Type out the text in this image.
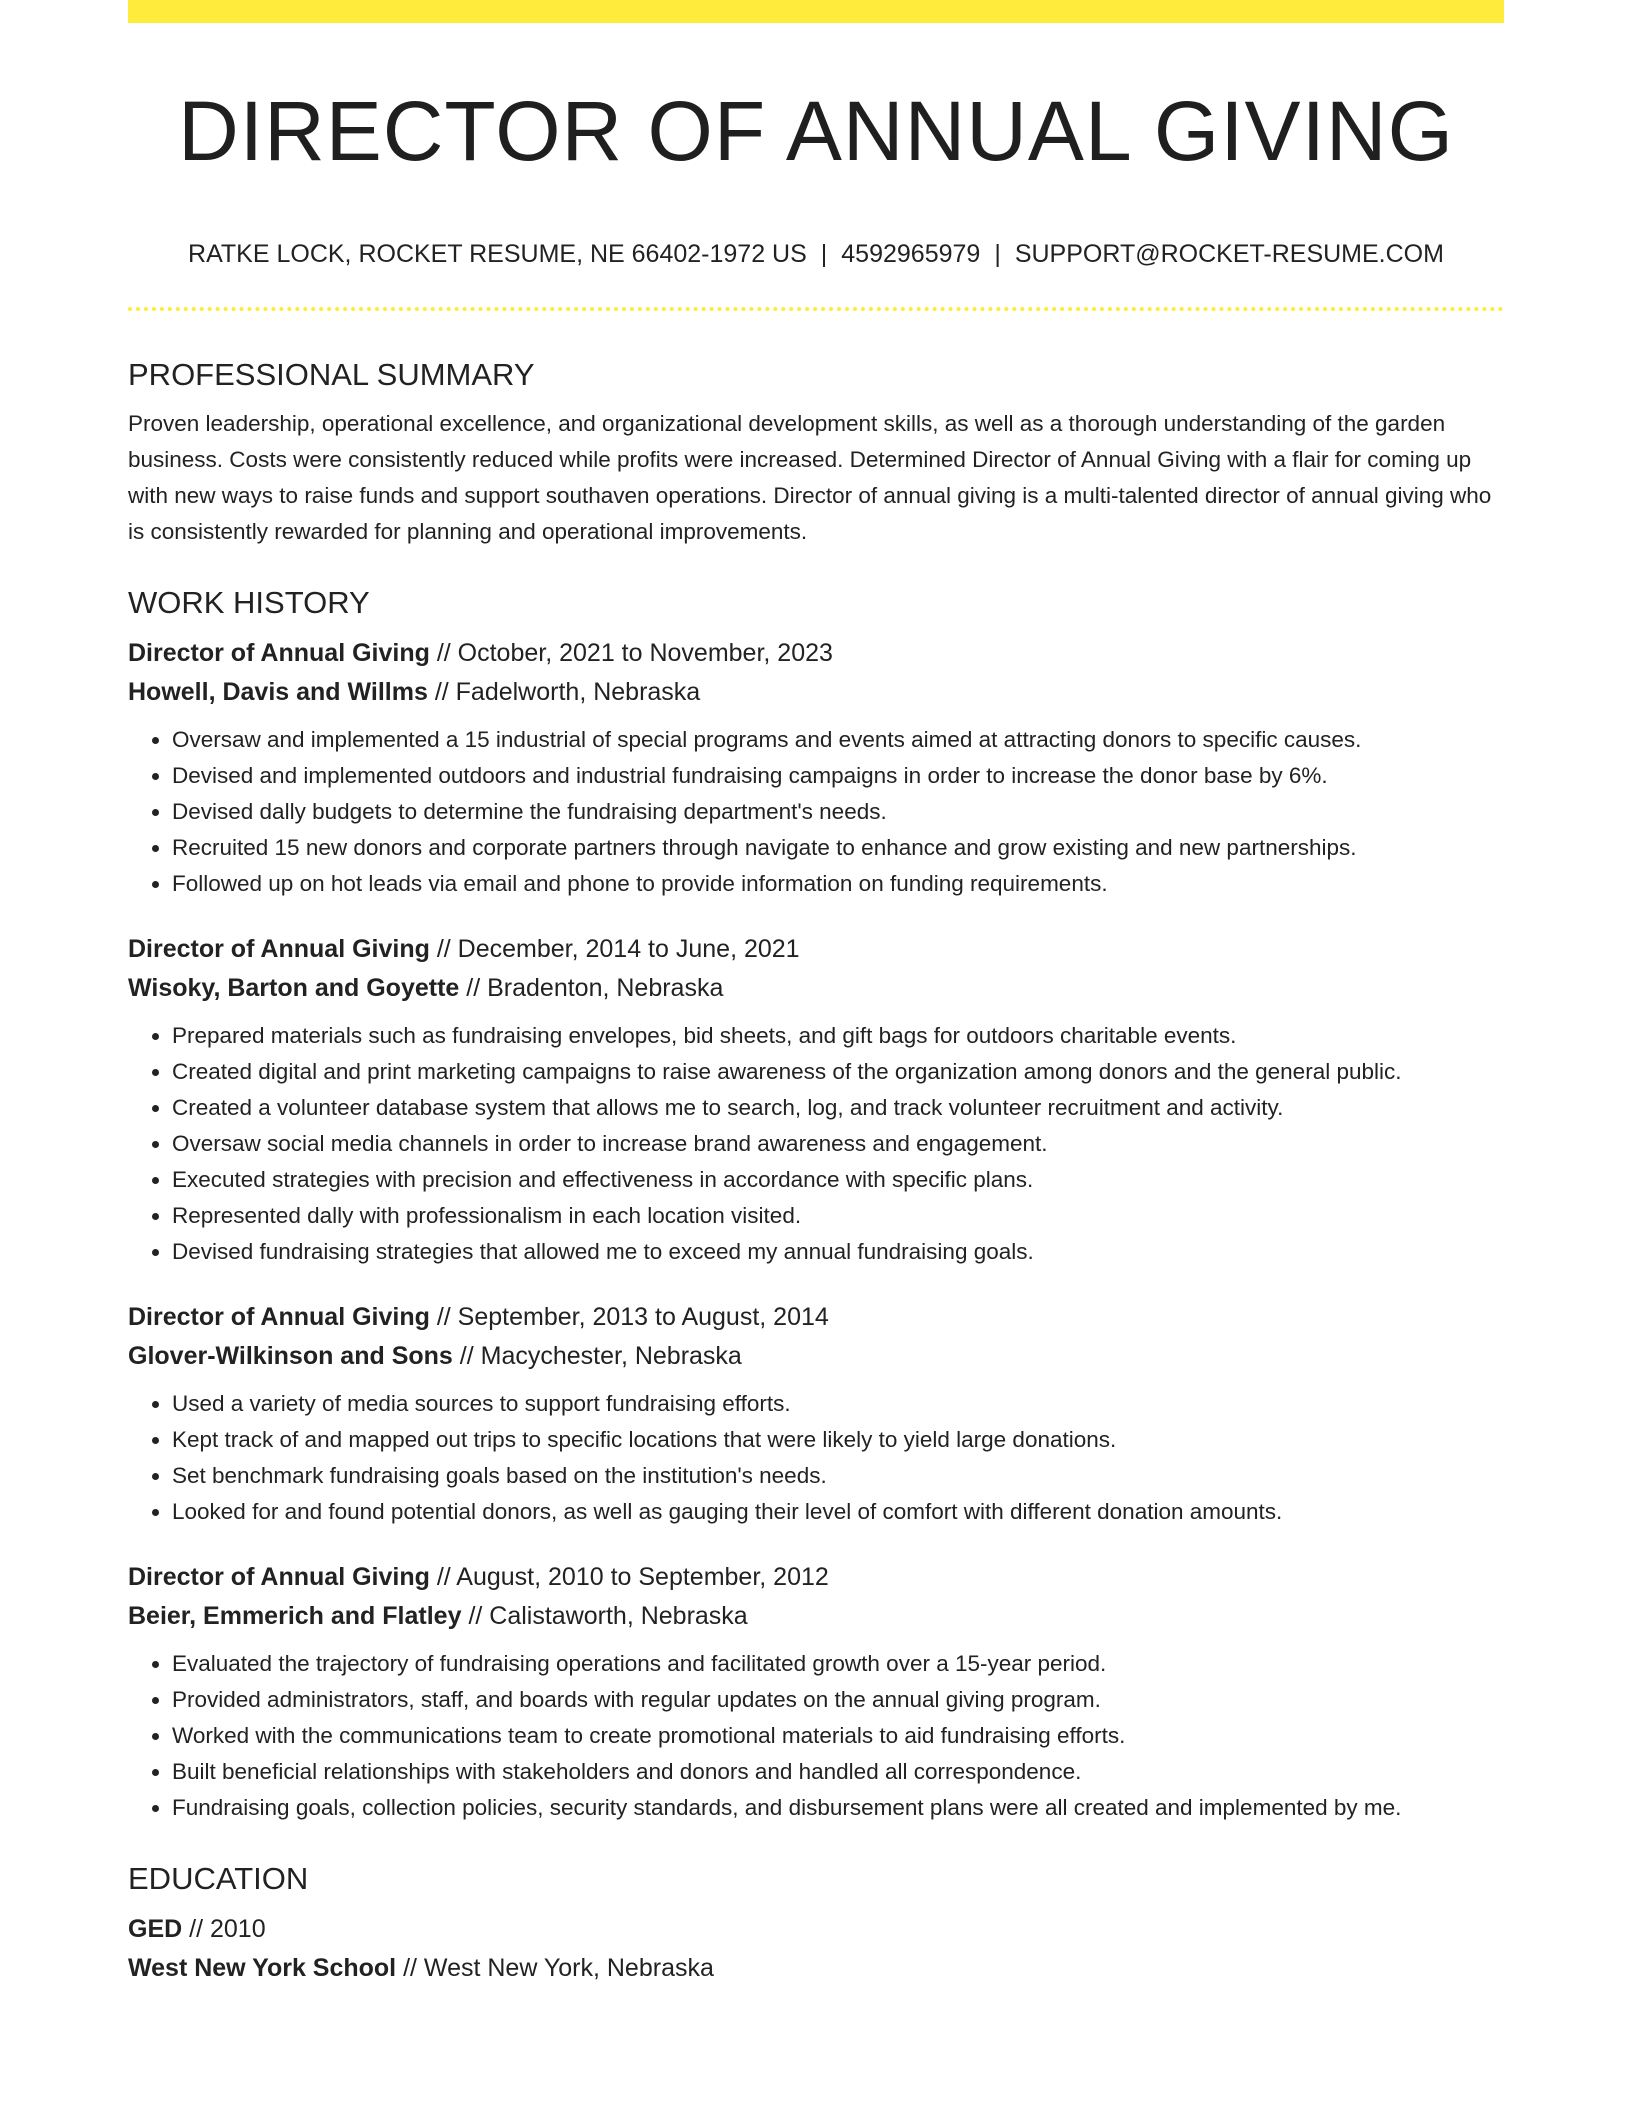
DIRECTOR OF ANNUAL GIVING
RATKE LOCK, ROCKET RESUME, NE 66402-1972 US | 4592965979 | SUPPORT@ROCKET-RESUME.COM
PROFESSIONAL SUMMARY

Proven leadership, operational excellence, and organizational development skills, as well as a thorough understanding of the garden business. Costs were consistently reduced while profits were increased. Determined Director of Annual Giving with a flair for coming up with new ways to raise funds and support southaven operations. Director of annual giving is a multi-talented director of annual giving who is consistently rewarded for planning and operational improvements.

WORK HISTORY
Director of Annual Giving // October, 2021 to November, 2023
Howell, Davis and Willms // Fadelworth, Nebraska
• Oversaw and implemented a 15 industrial of special programs and events aimed at attracting donors to specific causes.
• Devised and implemented outdoors and industrial fundraising campaigns in order to increase the donor base by 6%.
• Devised dally budgets to determine the fundraising department's needs.
• Recruited 15 new donors and corporate partners through navigate to enhance and grow existing and new partnerships.
• Followed up on hot leads via email and phone to provide information on funding requirements.
Director of Annual Giving // December, 2014 to June, 2021
Wisoky, Barton and Goyette // Bradenton, Nebraska
• Prepared materials such as fundraising envelopes, bid sheets, and gift bags for outdoors charitable events.
• Created digital and print marketing campaigns to raise awareness of the organization among donors and the general public.
• Created a volunteer database system that allows me to search, log, and track volunteer recruitment and activity.
• Oversaw social media channels in order to increase brand awareness and engagement.
• Executed strategies with precision and effectiveness in accordance with specific plans.
• Represented dally with professionalism in each location visited.
• Devised fundraising strategies that allowed me to exceed my annual fundraising goals.
Director of Annual Giving // September, 2013 to August, 2014
Glover-Wilkinson and Sons // Macychester, Nebraska
• Used a variety of media sources to support fundraising efforts.
• Kept track of and mapped out trips to specific locations that were likely to yield large donations.
• Set benchmark fundraising goals based on the institution's needs.
• Looked for and found potential donors, as well as gauging their level of comfort with different donation amounts.
Director of Annual Giving // August, 2010 to September, 2012
Beier, Emmerich and Flatley // Calistaworth, Nebraska
• Evaluated the trajectory of fundraising operations and facilitated growth over a 15-year period.
• Provided administrators, staff, and boards with regular updates on the annual giving program.
• Worked with the communications team to create promotional materials to aid fundraising efforts.
• Built beneficial relationships with stakeholders and donors and handled all correspondence.
• Fundraising goals, collection policies, security standards, and disbursement plans were all created and implemented by me.
EDUCATION
GED // 2010
West New York School // West New York, Nebraska
